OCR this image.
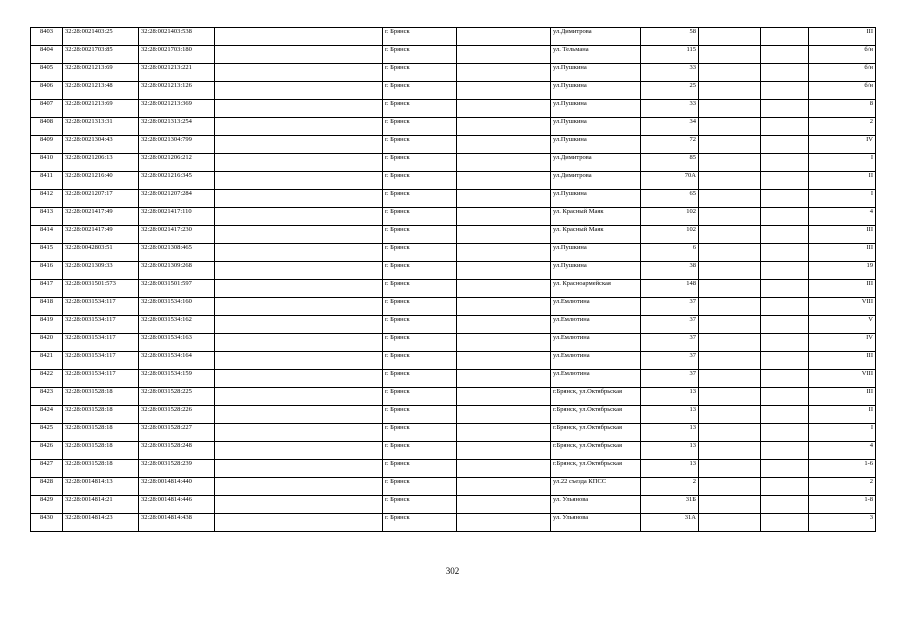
8403	32:28:0021403:25	32:28:0021403:538		г. Брянск		ул.Димитрова	58			III
8404	32:28:0021703:85	32:28:0021703:180		г. Брянск		ул. Тельмана	115			б/н
8405	32:28:0021213:69	32:28:0021213:221		г. Брянск		ул.Пушкина	33			б/н
8406	32:28:0021213:48	32:28:0021213:126		г. Брянск		ул.Пушкина	25			б/н
8407	32:28:0021213:69	32:28:0021213:369		г. Брянск		ул.Пушкина	33			8
8408	32:28:0021313:31	32:28:0021313:254		г. Брянск		ул.Пушкина	34			2
8409	32:28:0021304:43	32:28:0021304:799		г. Брянск		ул.Пушкина	72			IV
8410	32:28:0021206:13	32:28:0021206:212		г. Брянск		ул.Димитрова	85			I
8411	32:28:0021216:40	32:28:0021216:345		г. Брянск		ул.Димитрова	70А			II
8412	32:28:0021207:17	32:28:0021207:284		г. Брянск		ул.Пушкина	65			I
8413	32:28:0021417:49	32:28:0021417:110		г. Брянск		ул. Красный Маяк	102			4
8414	32:28:0021417:49	32:28:0021417:230		г. Брянск		ул. Красный Маяк	102			III
8415	32:28:0042803:51	32:28:0021308:465		г. Брянск		ул.Пушкина	6			III
8416	32:28:0021309:33	32:28:0021309:268		г. Брянск		ул.Пушкина	38			19
8417	32:28:0031501:573	32:28:0031501:597		г. Брянск		ул. Красноармейская	148			III
8418	32:28:0031534:117	32:28:0031534:160		г. Брянск		ул.Емлютина	37			VIII
8419	32:28:0031534:117	32:28:0031534:162		г. Брянск		ул.Емлютина	37			V
8420	32:28:0031534:117	32:28:0031534:163		г. Брянск		ул.Емлютина	37			IV
8421	32:28:0031534:117	32:28:0031534:164		г. Брянск		ул.Емлютина	37			III
8422	32:28:0031534:117	32:28:0031534:159		г. Брянск		ул.Емлютина	37			VIII
8423	32:28:0031528:18	32:28:0031528:225		г. Брянск		г.Брянск, ул.Октябрьская	13			III
8424	32:28:0031528:18	32:28:0031528:226		г. Брянск		г.Брянск, ул.Октябрьская	13			II
8425	32:28:0031528:18	32:28:0031528:227		г. Брянск		г.Брянск, ул.Октябрьская	13			I
8426	32:28:0031528:18	32:28:0031528:248		г. Брянск		г.Брянск, ул.Октябрьская	13			4
8427	32:28:0031528:18	32:28:0031528:239		г. Брянск		г.Брянск, ул.Октябрьская	13			1-6
8428	32:28:0014814:13	32:28:0014814:440		г. Брянск		ул.22 съезда КПСС	2			2
8429	32:28:0014814:21	32:28:0014814:446		г. Брянск		ул. Ульянова	31Б			1-8
8430	32:28:0014814:23	32:28:0014814:438		г. Брянск		ул. Ульянова	31А			3
302
